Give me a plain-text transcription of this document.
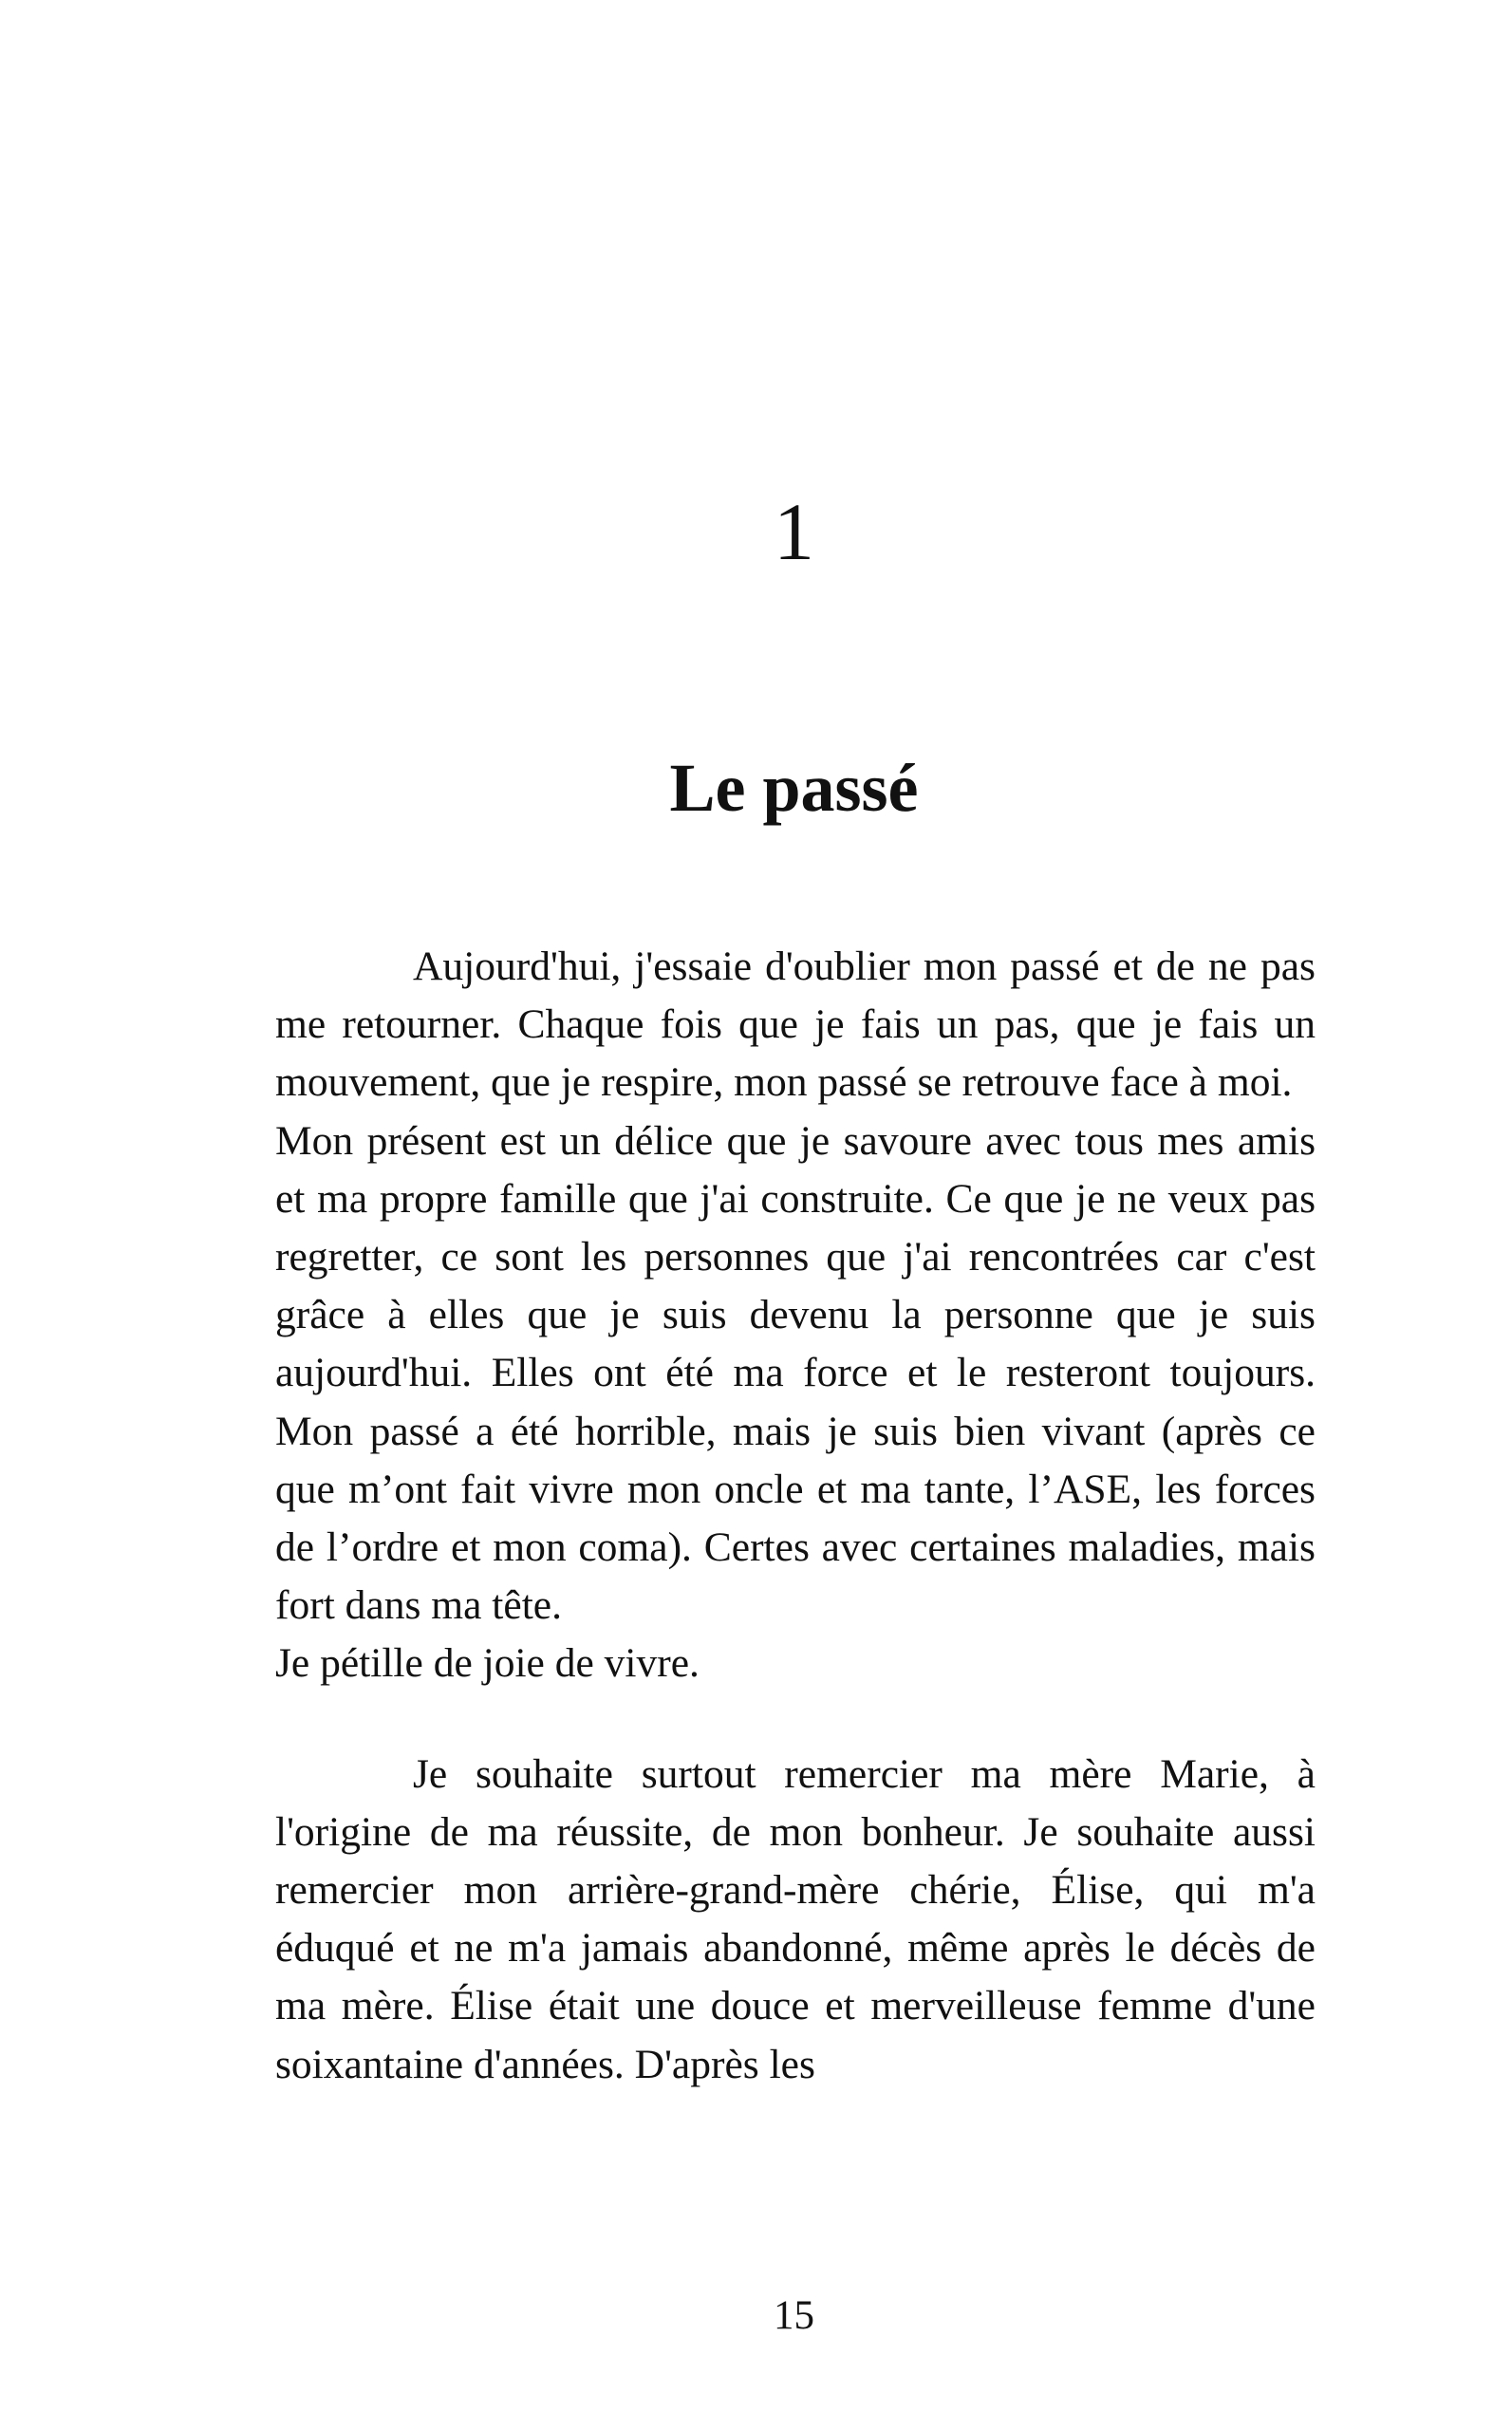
1
Le passé

Aujourd'hui, j'essaie d'oublier mon passé et de ne pas me retourner. Chaque fois que je fais un pas, que je fais un mouvement, que je respire, mon passé se retrouve face à moi.

Mon présent est un délice que je savoure avec tous mes amis et ma propre famille que j'ai construite. Ce que je ne veux pas regretter, ce sont les personnes que j'ai rencontrées car c'est grâce à elles que je suis devenu la personne que je suis aujourd'hui. Elles ont été ma force et le resteront toujours. Mon passé a été horrible, mais je suis bien vivant (après ce que m’ont fait vivre mon oncle et ma tante, l’ASE, les forces de l’ordre et mon coma). Certes avec certaines maladies, mais fort dans ma tête.

Je pétille de joie de vivre.

Je souhaite surtout remercier ma mère Marie, à l'origine de ma réussite, de mon bonheur. Je souhaite aussi remercier mon arrière-grand-mère chérie, Élise, qui m'a éduqué et ne m'a jamais abandonné, même après le décès de ma mère. Élise était une douce et merveilleuse femme d'une soixantaine d'années. D'après les

15
